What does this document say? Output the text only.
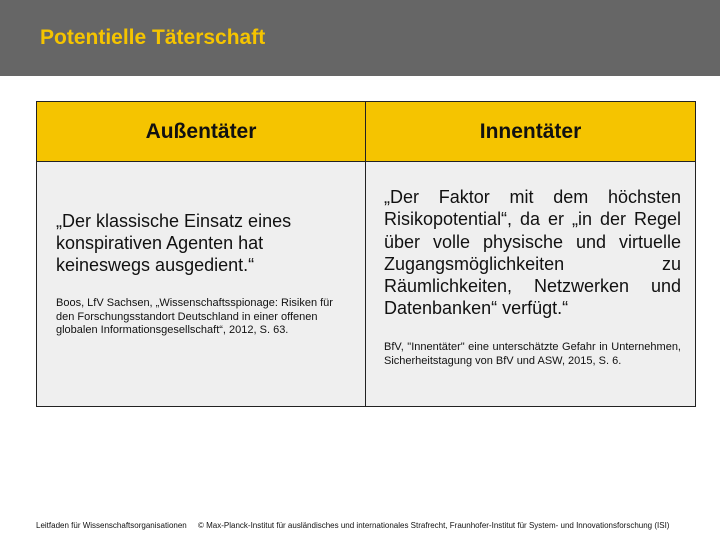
Potentielle Täterschaft
Außentäter	Innentäter
„Der klassische Einsatz eines konspirativen Agenten hat keineswegs ausgedient.“
Boos, LfV Sachsen, „Wissenschaftsspionage: Risiken für den Forschungsstandort Deutschland in einer offenen globalen Informationsgesellschaft“, 2012, S. 63.
„Der Faktor mit dem höchsten Risikopotential“, da er „in der Regel über volle physische und virtuelle Zugangsmöglichkeiten zu Räumlichkeiten, Netzwerken und Datenbanken“ verfügt.“
BfV, "Innentäter" eine unterschätzte Gefahr in Unternehmen, Sicherheitstagung von BfV und ASW, 2015, S. 6.
Leitfaden für Wissenschaftsorganisationen © Max-Planck-Institut für ausländisches und internationales Strafrecht, Fraunhofer-Institut für System- und Innovationsforschung (ISI)
